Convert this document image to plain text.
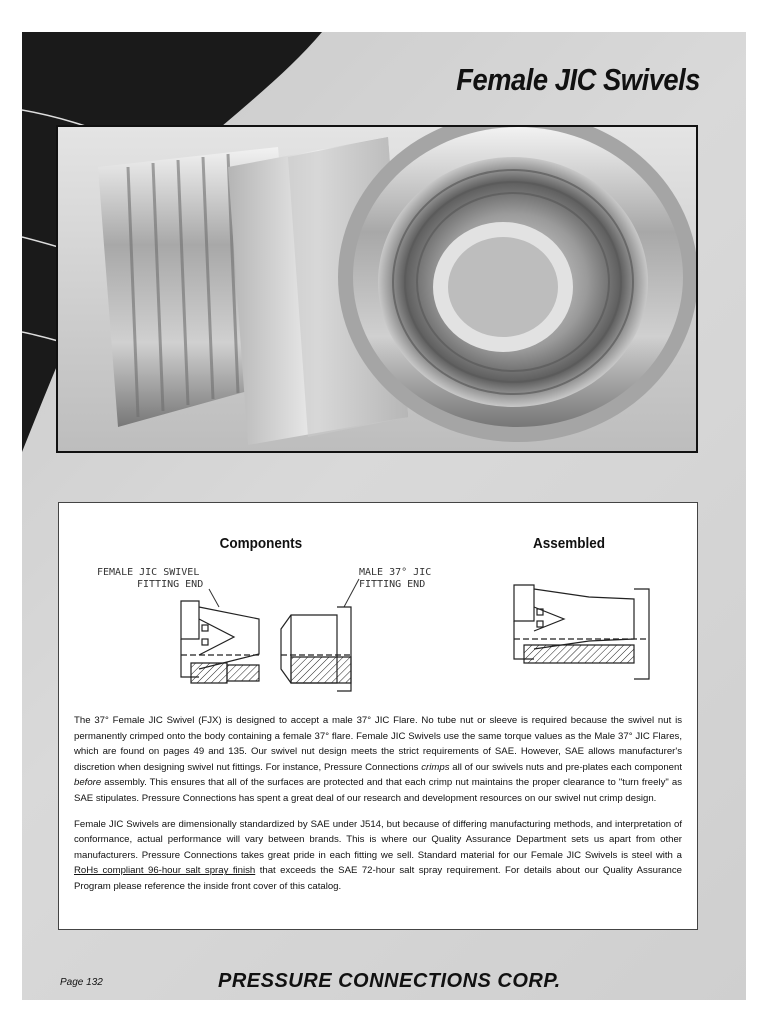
Female JIC Swivels
Components	Assembled
FEMALE JIC SWIVEL
FITTING END
MALE 37° JIC
FITTING END

The 37° Female JIC Swivel (FJX) is designed to accept a male 37° JIC Flare. No tube nut or sleeve is required because the swivel nut is permanently crimped onto the body containing a female 37° flare. Female JIC Swivels use the same torque values as the Male 37° JIC Flares, which are found on pages 49 and 135. Our swivel nut design meets the strict requirements of SAE. However, SAE allows manufacturer's discretion when designing swivel nut fittings. For instance, Pressure Connections crimps all of our swivels nuts and pre-plates each component before assembly. This ensures that all of the surfaces are protected and that each crimp nut maintains the proper clearance to "turn freely" as SAE stipulates. Pressure Connections has spent a great deal of our research and development resources on our swivel nut crimp design.

Female JIC Swivels are dimensionally standardized by SAE under J514, but because of differing manufacturing methods, and interpretation of conformance, actual performance will vary between brands. This is where our Quality Assurance Department sets us apart from other manufacturers. Pressure Connections takes great pride in each fitting we sell. Standard material for our Female JIC Swivels is steel with a RoHs compliant 96-hour salt spray finish that exceeds the SAE 72-hour salt spray requirement. For details about our Quality Assurance Program please reference the inside front cover of this catalog.

Page 132	PRESSURE CONNECTIONS CORP.
